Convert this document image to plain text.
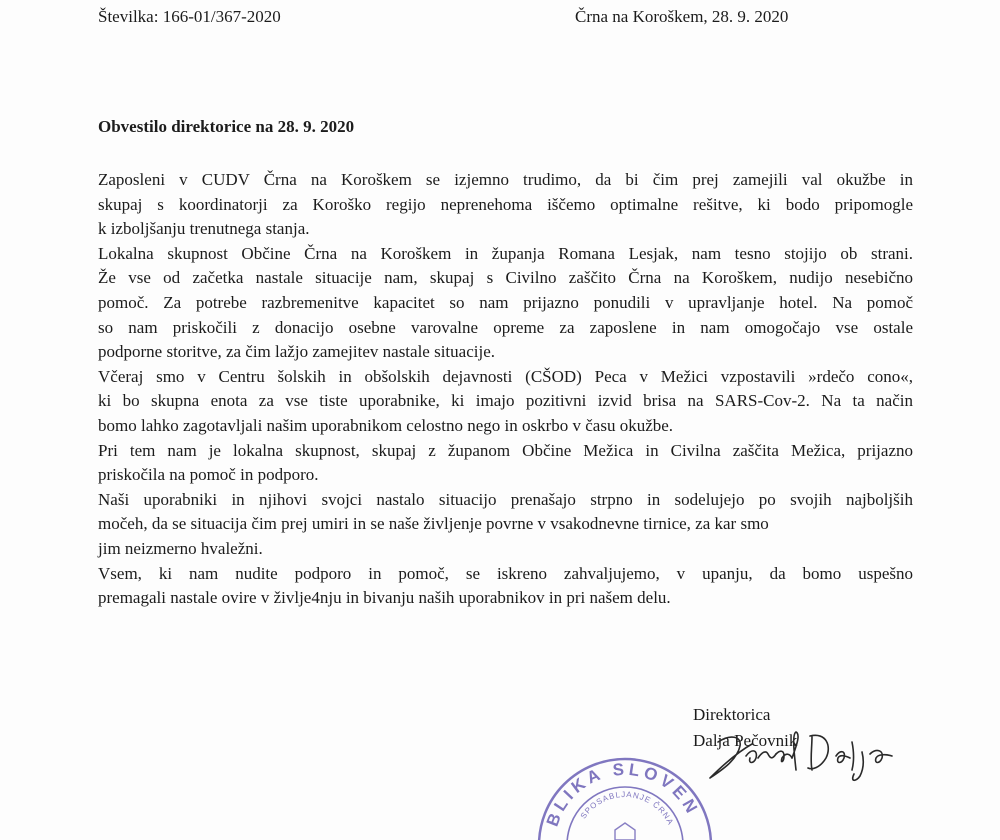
Številka: 166-01/367-2020	Črna na Koroškem, 28. 9. 2020
Obvestilo direktorice na 28. 9. 2020
Zaposleni v CUDV Črna na Koroškem se izjemno trudimo, da bi čim prej zamejili val okužbe in
skupaj s koordinatorji za Koroško regijo neprenehoma iščemo optimalne rešitve, ki bodo pripomogle
k izboljšanju trenutnega stanja.
Lokalna skupnost Občine Črna na Koroškem in županja Romana Lesjak, nam tesno stojijo ob strani.
Že vse od začetka nastale situacije nam, skupaj s Civilno zaščito Črna na Koroškem, nudijo nesebično
pomoč. Za potrebe razbremenitve kapacitet so nam prijazno ponudili v upravljanje hotel. Na pomoč
so nam priskočili z donacijo osebne varovalne opreme za zaposlene in nam omogočajo vse ostale
podporne storitve, za čim lažjo zamejitev nastale situacije.
Včeraj smo v Centru šolskih in obšolskih dejavnosti (CŠOD) Peca v Mežici vzpostavili »rdečo cono«,
ki bo skupna enota za vse tiste uporabnike, ki imajo pozitivni izvid brisa na SARS-Cov-2. Na ta način
bomo lahko zagotavljali našim uporabnikom celostno nego in oskrbo v času okužbe.
Pri tem nam je lokalna skupnost, skupaj z županom Občine Mežica in Civilna zaščita Mežica, prijazno
priskočila na pomoč in podporo.
Naši uporabniki in njihovi svojci nastalo situacijo prenašajo strpno in sodelujejo po svojih najboljših
močeh, da se situacija čim prej umiri in se naše življenje povrne v vsakodnevne tirnice, za kar smo
jim neizmerno hvaležni.
Vsem, ki nam nudite podporo in pomoč, se iskreno zahvaljujemo, v upanju, da bomo uspešno
premagali nastale ovire v življe4nju in bivanju naših uporabnikov in pri našem delu.
BLIKA SLOVEN
SPOSABLJANJE ČRNA
Direktorica
Dalja Pečovnik
